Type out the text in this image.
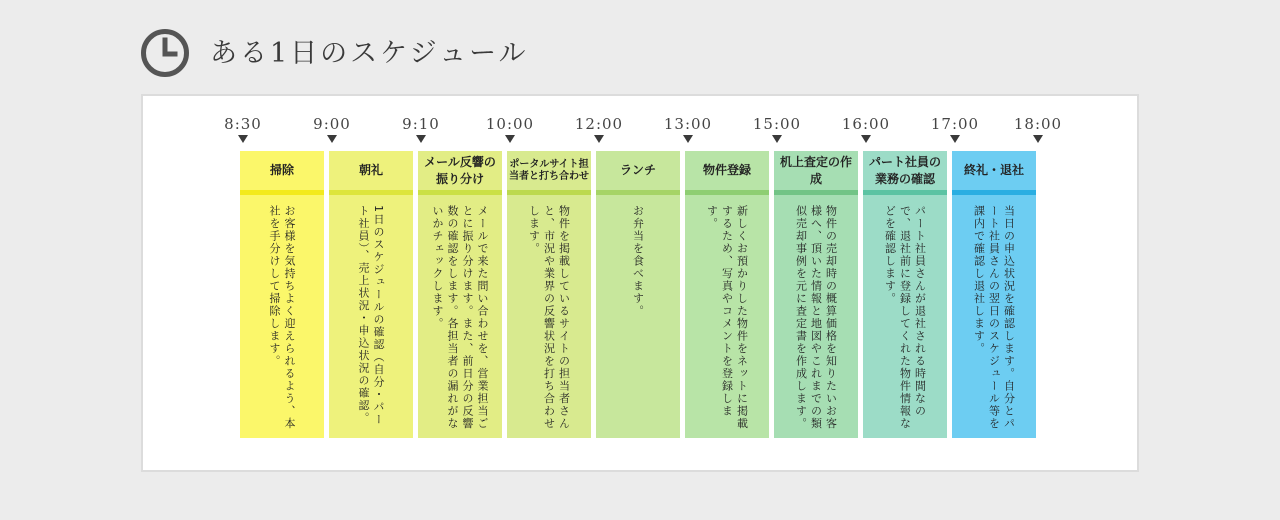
ある1日のスケジュール
8:30	9:00	9:10	10:00	12:00	13:00	15:00	16:00	17:00	18:00
掃除
お客様を気持ちよく迎えられるよう、本社を手分けして掃除します。
朝礼
1日のスケジュールの確認（自分・パート社員）、売上状況・申込状況の確認。
メール反響の振り分け
メールで来た問い合わせを、営業担当ごとに振り分けます。また、前日分の反響数の確認をします。各担当者の漏れがないかチェックします。
ポータルサイト担当者と打ち合わせ
物件を掲載しているサイトの担当者さんと、市況や業界の反響状況を打ち合わせします。
ランチ
お弁当を食べます。
物件登録
新しくお預かりした物件をネットに掲載するため、写真やコメントを登録します。
机上査定の作成
物件の売却時の概算価格を知りたいお客様へ、頂いた情報と地図やこれまでの類似売却事例を元に査定書を作成します。
パート社員の業務の確認
パート社員さんが退社される時間なので、退社前に登録してくれた物件情報などを確認します。
終礼・退社
当日の申込状況を確認します。自分とパート社員さんの翌日のスケジュール等を課内で確認し退社します。
